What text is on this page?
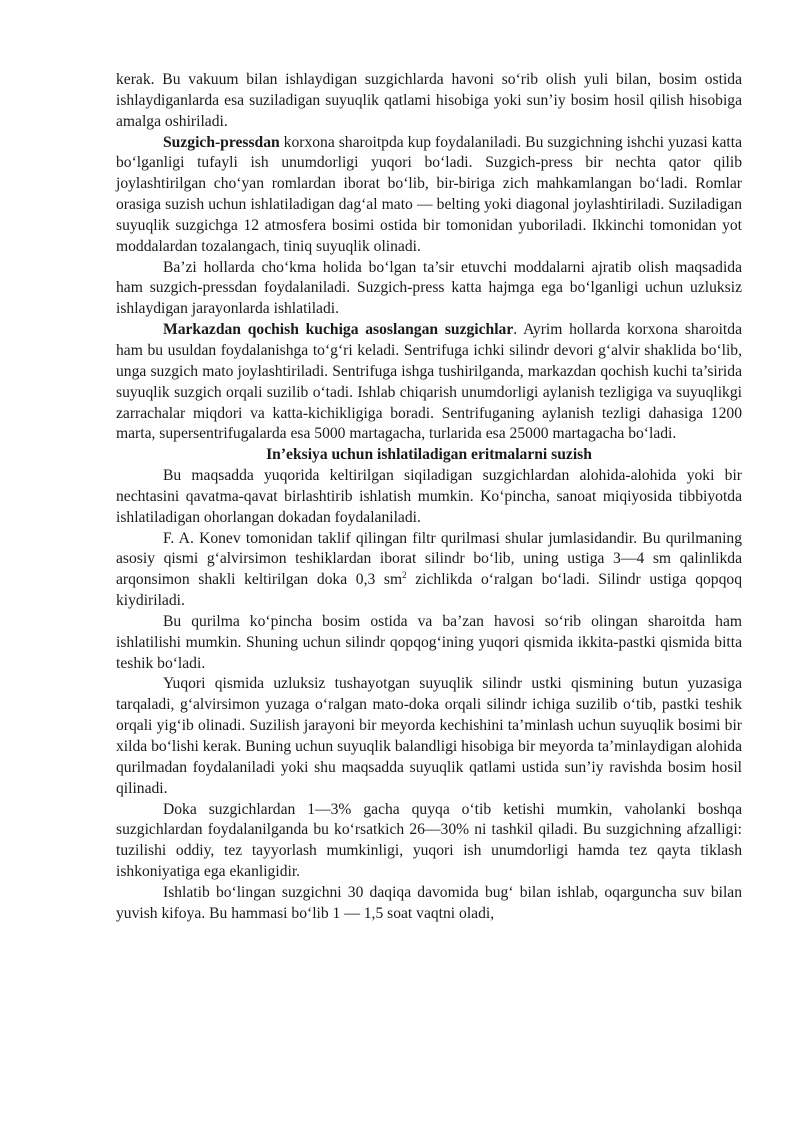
kerak. Bu vakuum bilan ishlaydigan suzgichlarda havoni so‘rib olish yuli bilan, bosim ostida ishlaydiganlarda esa suziladigan suyuqlik qatlami hisobiga yoki sun’iy bosim hosil qilish hisobiga amalga oshiriladi.

Suzgich-pressdan korxona sharoitpda kup foydalaniladi. Bu suzgichning ishchi yuzasi katta bo‘lganligi tufayli ish unumdorligi yuqori bo‘ladi. Suzgich-press bir nechta qator qilib joylashtirilgan cho‘yan romlardan iborat bo‘lib, bir-biriga zich mahkamlangan bo‘ladi. Romlar orasiga suzish uchun ishlatiladigan dag‘al mato — belting yoki diagonal joylashtiriladi. Suziladigan suyuqlik suzgichga 12 atmosfera bosimi ostida bir tomonidan yuboriladi. Ikkinchi tomonidan yot moddalardan tozalangach, tiniq suyuqlik olinadi.

Ba’zi hollarda cho‘kma holida bo‘lgan ta’sir etuvchi moddalarni ajratib olish maqsadida ham suzgich-pressdan foydalaniladi. Suzgich-press katta hajmga ega bo‘lganligi uchun uzluksiz ishlaydigan jarayonlarda ishlatiladi.

Markazdan qochish kuchiga asoslangan suzgichlar. Ayrim hollarda korxona sharoitda ham bu usuldan foydalanishga to‘g‘ri keladi. Sentrifuga ichki silindr devori g‘alvir shaklida bo‘lib, unga suzgich mato joylashtiriladi. Sentrifuga ishga tushirilganda, markazdan qochish kuchi ta’sirida suyuqlik suzgich orqali suzilib o‘tadi. Ishlab chiqarish unumdorligi aylanish tezligiga va suyuqlikgi zarrachalar miqdori va katta-kichikligiga boradi. Sentrifuganing aylanish tezligi dahasiga 1200 marta, supersentrifugalarda esa 5000 martagacha, turlarida esa 25000 martagacha bo‘ladi.

In’eksiya uchun ishlatiladigan eritmalarni suzish

Bu maqsadda yuqorida keltirilgan siqiladigan suzgichlardan alohida-alohida yoki bir nechtasini qavatma-qavat birlashtirib ishlatish mumkin. Ko‘pincha, sanoat miqiyosida tibbiyotda ishlatiladigan ohorlangan dokadan foydalaniladi.

F. A. Konev tomonidan taklif qilingan filtr qurilmasi shular jumlasidandir. Bu qurilmaning asosiy qismi g‘alvirsimon teshiklardan iborat silindr bo‘lib, uning ustiga 3—4 sm qalinlikda arqonsimon shakli keltirilgan doka 0,3 $sm^2$ zichlikda o‘ralgan bo‘ladi. Silindr ustiga qopqoq kiydiriladi.

Bu qurilma ko‘pincha bosim ostida va ba’zan havosi so‘rib olingan sharoitda ham ishlatilishi mumkin. Shuning uchun silindr qopqog‘ining yuqori qismida ikkita-pastki qismida bitta teshik bo‘ladi.

Yuqori qismida uzluksiz tushayotgan suyuqlik silindr ustki qismining butun yuzasiga tarqaladi, g‘alvirsimon yuzaga o‘ralgan mato-doka orqali silindr ichiga suzilib o‘tib, pastki teshik orqali yig‘ib olinadi. Suzilish jarayoni bir meyorda kechishini ta’minlash uchun suyuqlik bosimi bir xilda bo‘lishi kerak. Buning uchun suyuqlik balandligi hisobiga bir meyorda ta’minlaydigan alohida qurilmadan foydalaniladi yoki shu maqsadda suyuqlik qatlami ustida sun’iy ravishda bosim hosil qilinadi.

Doka suzgichlardan 1—3% gacha quyqa o‘tib ketishi mumkin, vaholanki boshqa suzgichlardan foydalanilganda bu ko‘rsatkich 26—30% ni tashkil qiladi. Bu suzgichning afzalligi: tuzilishi oddiy, tez tayyorlash mumkinligi, yuqori ish unumdorligi hamda tez qayta tiklash ishkoniyatiga ega ekanligidir.

Ishlatib bo‘lingan suzgichni 30 daqiqa davomida bug‘ bilan ishlab, oqarguncha suv bilan yuvish kifoya. Bu hammasi bo‘lib 1 — 1,5 soat vaqtni oladi,
